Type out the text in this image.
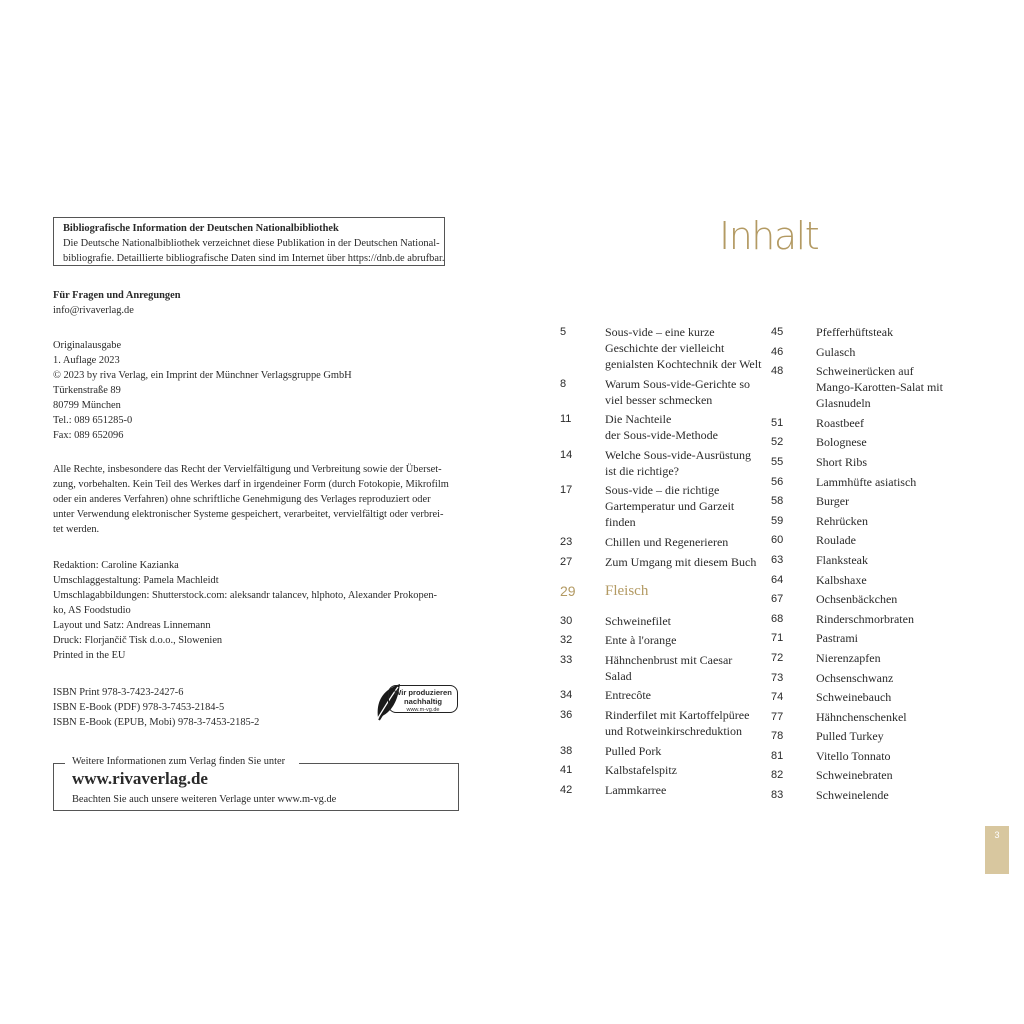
Bibliografische Information der Deutschen Nationalbibliothek
Die Deutsche Nationalbibliothek verzeichnet diese Publikation in der Deutschen National-
bibliografie. Detaillierte bibliografische Daten sind im Internet über https://dnb.de abrufbar.
Für Fragen und Anregungen
info@rivaverlag.de
Originalausgabe
1. Auflage 2023
© 2023 by riva Verlag, ein Imprint der Münchner Verlagsgruppe GmbH
Türkenstraße 89
80799 München
Tel.: 089 651285-0
Fax: 089 652096
Alle Rechte, insbesondere das Recht der Vervielfältigung und Verbreitung sowie der Überset-
zung, vorbehalten. Kein Teil des Werkes darf in irgendeiner Form (durch Fotokopie, Mikrofilm
oder ein anderes Verfahren) ohne schriftliche Genehmigung des Verlages reproduziert oder
unter Verwendung elektronischer Systeme gespeichert, verarbeitet, vervielfältigt oder verbrei-
tet werden.
Redaktion: Caroline Kazianka
Umschlaggestaltung: Pamela Machleidt
Umschlagabbildungen: Shutterstock.com: aleksandr talancev, hlphoto, Alexander Prokopen-
ko, AS Foodstudio
Layout und Satz: Andreas Linnemann
Druck: Florjančič Tisk d.o.o., Slowenien
Printed in the EU
ISBN Print 978-3-7423-2427-6
ISBN E-Book (PDF) 978-3-7453-2184-5
ISBN E-Book (EPUB, Mobi) 978-3-7453-2185-2
Wir produzieren
nachhaltig
www.m-vg.de
Weitere Informationen zum Verlag finden Sie unter
www.rivaverlag.de
Beachten Sie auch unsere weiteren Verlage unter www.m-vg.de
Inhalt
5	Sous-vide – eine kurze
Geschichte der vielleicht
genialsten Kochtechnik der Welt
8	Warum Sous-vide-Gerichte so
viel besser schmecken
11	Die Nachteile
der Sous-vide-Methode
14	Welche Sous-vide-Ausrüstung
ist die richtige?
17	Sous-vide – die richtige
Gartemperatur und Garzeit
finden
23	Chillen und Regenerieren
27	Zum Umgang mit diesem Buch
29	Fleisch
30	Schweinefilet
32	Ente à l'orange
33	Hähnchenbrust mit Caesar
Salad
34	Entrecôte
36	Rinderfilet mit Kartoffelpüree
und Rotweinkirschreduktion
38	Pulled Pork
41	Kalbstafelspitz
42	Lammkarree
45	Pfefferhüftsteak
46	Gulasch
48	Schweinerücken auf
Mango-Karotten-Salat mit
Glasnudeln
51	Roastbeef
52	Bolognese
55	Short Ribs
56	Lammhüfte asiatisch
58	Burger
59	Rehrücken
60	Roulade
63	Flanksteak
64	Kalbshaxe
67	Ochsenbäckchen
68	Rinderschmorbraten
71	Pastrami
72	Nierenzapfen
73	Ochsenschwanz
74	Schweinebauch
77	Hähnchenschenkel
78	Pulled Turkey
81	Vitello Tonnato
82	Schweinebraten
83	Schweinelende
3
